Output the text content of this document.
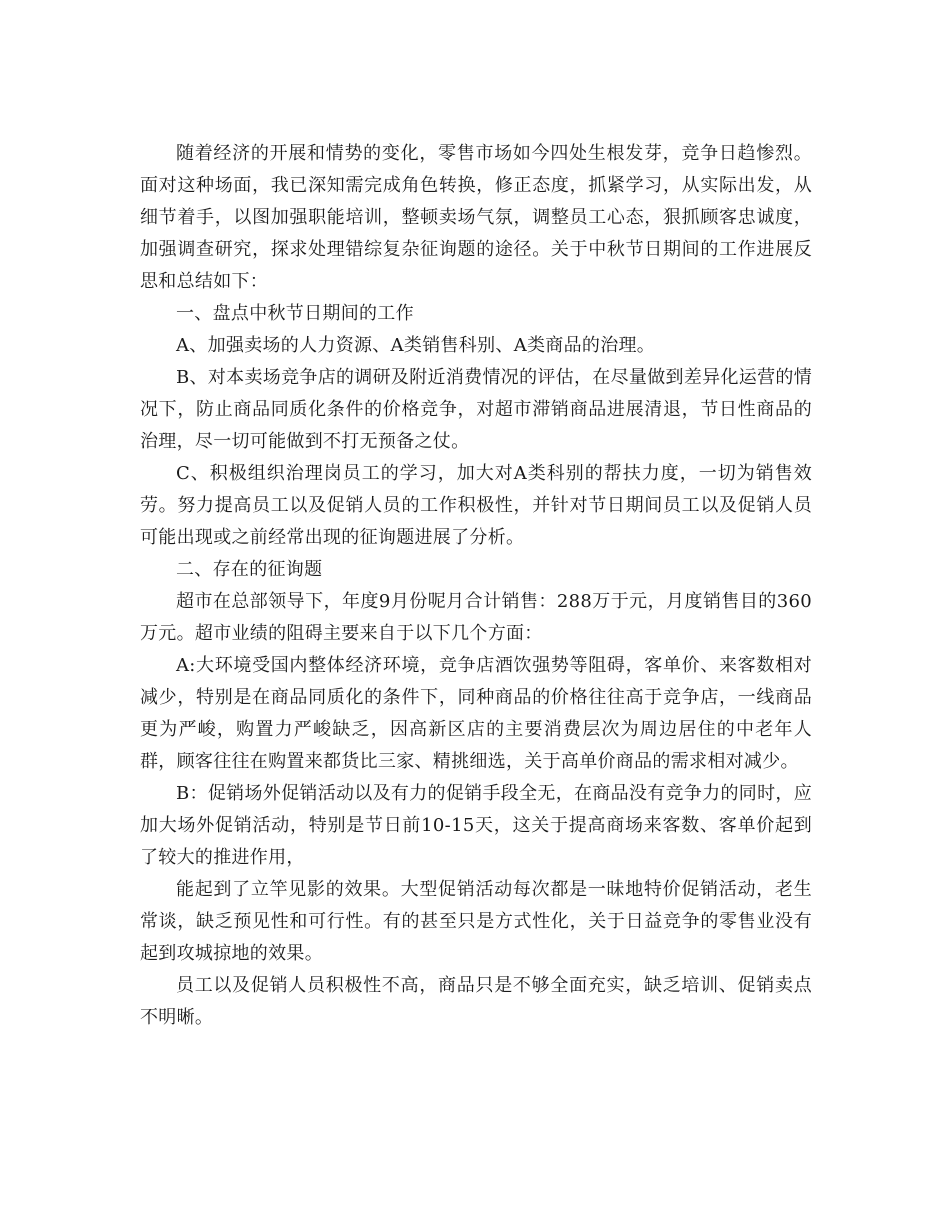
随着经济的开展和情势的变化，零售市场如今四处生根发芽，竞争日趋惨烈。面对这种场面，我已深知需完成角色转换，修正态度，抓紧学习，从实际出发，从细节着手，以图加强职能培训，整顿卖场气氛，调整员工心态，狠抓顾客忠诚度，加强调查研究，探求处理错综复杂征询题的途径。关于中秋节日期间的工作进展反思和总结如下：

一、盘点中秋节日期间的工作

A、加强卖场的人力资源、A类销售科别、A类商品的治理。

B、对本卖场竞争店的调研及附近消费情况的评估，在尽量做到差异化运营的情况下，防止商品同质化条件的价格竞争，对超市滞销商品进展清退，节日性商品的治理，尽一切可能做到不打无预备之仗。

C、积极组织治理岗员工的学习，加大对A类科别的帮扶力度，一切为销售效劳。努力提高员工以及促销人员的工作积极性，并针对节日期间员工以及促销人员可能出现或之前经常出现的征询题进展了分析。

二、存在的征询题

超市在总部领导下，年度9月份呢月合计销售：288万于元，月度销售目的360万元。超市业绩的阻碍主要来自于以下几个方面：

A:大环境受国内整体经济环境，竞争店酒饮强势等阻碍，客单价、来客数相对减少，特别是在商品同质化的条件下，同种商品的价格往往高于竞争店，一线商品更为严峻，购置力严峻缺乏，因高新区店的主要消费层次为周边居住的中老年人群，顾客往往在购置来都货比三家、精挑细选，关于高单价商品的需求相对减少。

B：促销场外促销活动以及有力的促销手段全无，在商品没有竞争力的同时，应加大场外促销活动，特别是节日前10-15天，这关于提高商场来客数、客单价起到了较大的推进作用，

能起到了立竿见影的效果。大型促销活动每次都是一昧地特价促销活动，老生常谈，缺乏预见性和可行性。有的甚至只是方式性化，关于日益竞争的零售业没有起到攻城掠地的效果。

员工以及促销人员积极性不高，商品只是不够全面充实，缺乏培训、促销卖点不明晰。
